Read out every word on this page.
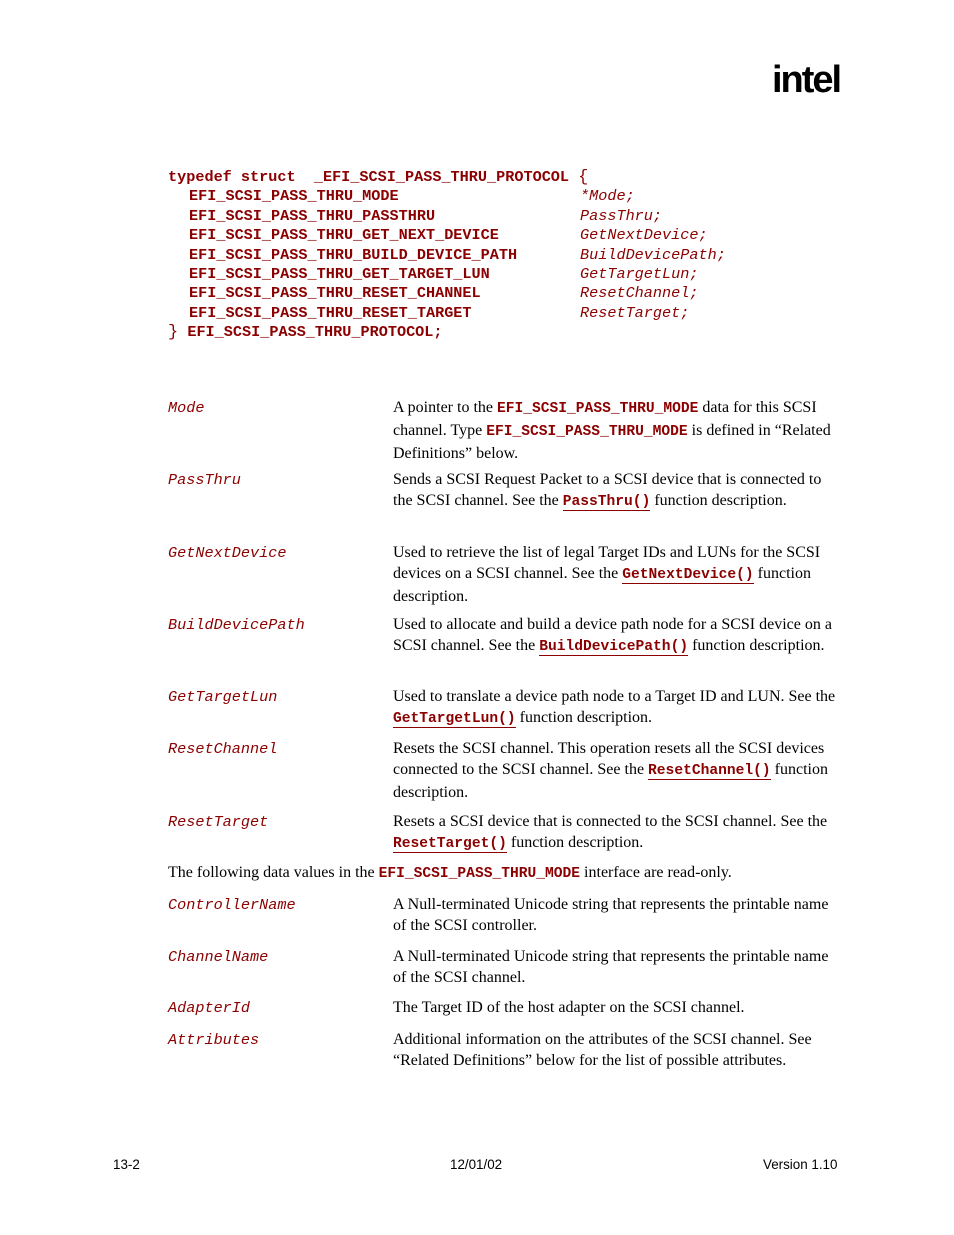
intel
typedef struct  _EFI_SCSI_PASS_THRU_PROTOCOL {
EFI_SCSI_PASS_THRU_MODE	*Mode;
EFI_SCSI_PASS_THRU_PASSTHRU	PassThru;
EFI_SCSI_PASS_THRU_GET_NEXT_DEVICE	GetNextDevice;
EFI_SCSI_PASS_THRU_BUILD_DEVICE_PATH	BuildDevicePath;
EFI_SCSI_PASS_THRU_GET_TARGET_LUN	GetTargetLun;
EFI_SCSI_PASS_THRU_RESET_CHANNEL	ResetChannel;
EFI_SCSI_PASS_THRU_RESET_TARGET	ResetTarget;
} EFI_SCSI_PASS_THRU_PROTOCOL;
Mode	A pointer to the EFI_SCSI_PASS_THRU_MODE data for this SCSI channel. Type EFI_SCSI_PASS_THRU_MODE is defined in “Related Definitions” below.
PassThru	Sends a SCSI Request Packet to a SCSI device that is connected to the SCSI channel. See the PassThru() function description.
GetNextDevice	Used to retrieve the list of legal Target IDs and LUNs for the SCSI devices on a SCSI channel. See the GetNextDevice() function description.
BuildDevicePath	Used to allocate and build a device path node for a SCSI device on a SCSI channel. See the BuildDevicePath() function description.
GetTargetLun	Used to translate a device path node to a Target ID and LUN. See the GetTargetLun() function description.
ResetChannel	Resets the SCSI channel. This operation resets all the SCSI devices connected to the SCSI channel. See the ResetChannel() function description.
ResetTarget	Resets a SCSI device that is connected to the SCSI channel. See the ResetTarget() function description.
The following data values in the EFI_SCSI_PASS_THRU_MODE interface are read-only.
ControllerName	A Null-terminated Unicode string that represents the printable name of the SCSI controller.
ChannelName	A Null-terminated Unicode string that represents the printable name of the SCSI channel.
AdapterId	The Target ID of the host adapter on the SCSI channel.
Attributes	Additional information on the attributes of the SCSI channel. See “Related Definitions” below for the list of possible attributes.
13-2	12/01/02	Version 1.10
